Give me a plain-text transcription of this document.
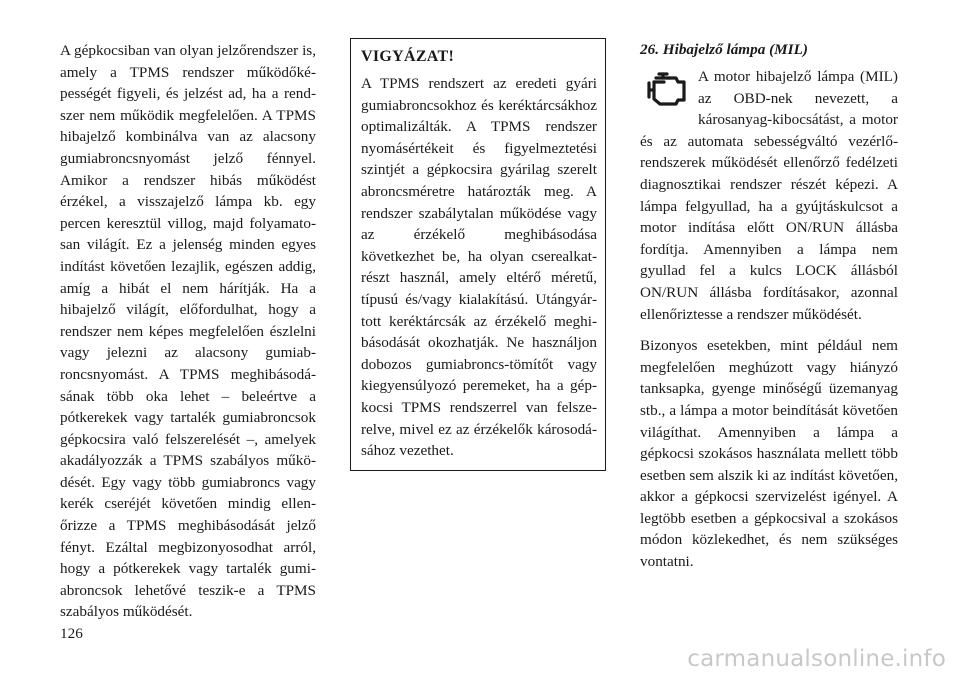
A gépkocsiban van olyan jelzőrendszer is, amely a TPMS rendszer működőképességét figyeli, és jelzést ad, ha a rendszer nem működik megfelelően. A TPMS hibajelző kombinálva van az alacsony gumiabroncsnyomást jelző fénnyel. Amikor a rendszer hibás működést érzékel, a visszajelző lámpa kb. egy percen keresztül villog, majd folyamatosan világít. Ez a jelenség minden egyes indítást követően lezajlik, egészen addig, amíg a hibát el nem hárítják. Ha a hibajelző világít, előfordulhat, hogy a rendszer nem képes megfelelően észlelni vagy jelezni az alacsony gumiabroncsnyomást. A TPMS meghibásodásának több oka lehet – beleértve a pótkerekek vagy tartalék gumiabroncsok gépkocsira való felszerelését –, amelyek akadályozzák a TPMS szabályos működését. Egy vagy több gumiabroncs vagy kerék cseréjét követően mindig ellenőrizze a TPMS meghibásodását jelző fényt. Ezáltal megbizonyosodhat arról, hogy a pótkerekek vagy tartalék gumiabroncsok lehetővé teszik-e a TPMS szabályos működését.

VIGYÁZAT!

A TPMS rendszert az eredeti gyári gumiabroncsokhoz és keréktárcsákhoz optimalizálták. A TPMS rendszer nyomásértékeit és figyelmeztetési szintjét a gépkocsira gyárilag szerelt abroncsméretre határozták meg. A rendszer szabálytalan működése vagy az érzékelő meghibásodása következhet be, ha olyan cserealkatrészt használ, amely eltérő méretű, típusú és/vagy kialakítású. Utángyártott keréktárcsák az érzékelő meghibásodását okozhatják. Ne használjon dobozos gumiabroncs-tömítőt vagy kiegyensúlyozó peremeket, ha a gépkocsi TPMS rendszerrel van felszerelve, mivel ez az érzékelők károsodásához vezethet.

26. Hibajelző lámpa (MIL)

A motor hibajelző lámpa (MIL) az OBD-nek nevezett, a károsanyag-kibocsátást, a motor és az automata sebességváltó vezérlőrendszerek működését ellenőrző fedélzeti diagnosztikai rendszer részét képezi. A lámpa felgyullad, ha a gyújtáskulcsot a motor indítása előtt ON/RUN állásba fordítja. Amennyiben a lámpa nem gyullad fel a kulcs LOCK állásból ON/RUN állásba fordításakor, azonnal ellenőriztesse a rendszer működését.

Bizonyos esetekben, mint például nem megfelelően meghúzott vagy hiányzó tanksapka, gyenge minőségű üzemanyag stb., a lámpa a motor beindítását követően világíthat. Amennyiben a lámpa a gépkocsi szokásos használata mellett több esetben sem alszik ki az indítást követően, akkor a gépkocsi szervizelést igényel. A legtöbb esetben a gépkocsival a szokásos módon közlekedhet, és nem szükséges vontatni.

126
carmanualsonline.info
